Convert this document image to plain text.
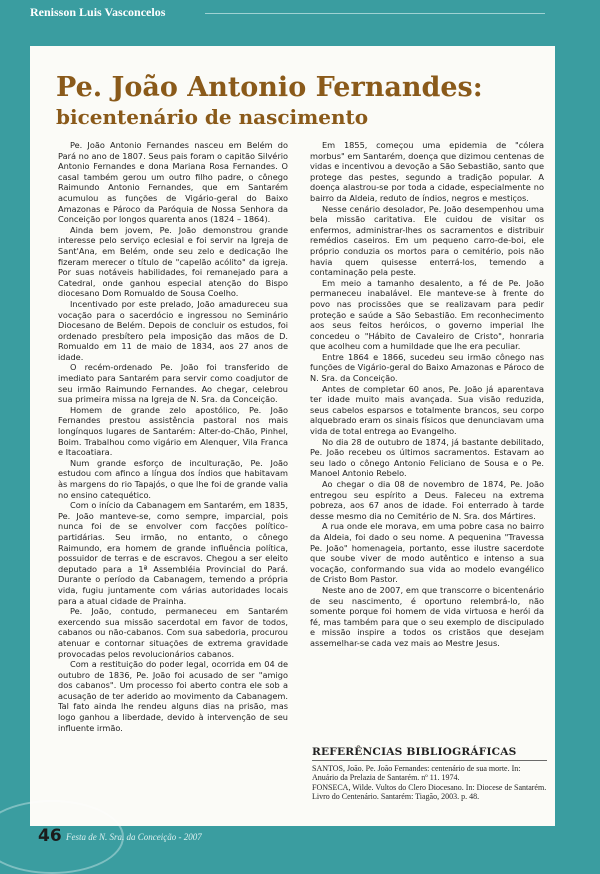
Renisson Luis Vasconcelos
Pe. João Antonio Fernandes:
bicentenário de nascimento

Pe. João Antonio Fernandes nasceu em Belém do Pará no ano de 1807. Seus pais foram o capitão Silvério Antonio Fernandes e dona Mariana Rosa Fernandes. O casal também gerou um outro filho padre, o cônego Raimundo Antonio Fernandes, que em Santarém acumulou as funções de Vigário-geral do Baixo Amazonas e Pároco da Paróquia de Nossa Senhora da Conceição por longos quarenta anos (1824 – 1864).

Ainda bem jovem, Pe. João demonstrou grande interesse pelo serviço eclesial e foi servir na Igreja de Sant'Ana, em Belém, onde seu zelo e dedicação lhe fizeram merecer o título de "capelão acólito" da igreja. Por suas notáveis habilidades, foi remanejado para a Catedral, onde ganhou especial atenção do Bispo diocesano Dom Romualdo de Sousa Coelho.

Incentivado por este prelado, João amadureceu sua vocação para o sacerdócio e ingressou no Seminário Diocesano de Belém. Depois de concluir os estudos, foi ordenado presbítero pela imposição das mãos de D. Romualdo em 11 de maio de 1834, aos 27 anos de idade.

O recém-ordenado Pe. João foi transferido de imediato para Santarém para servir como coadjutor de seu irmão Raimundo Fernandes. Ao chegar, celebrou sua primeira missa na Igreja de N. Sra. da Conceição.

Homem de grande zelo apostólico, Pe. João Fernandes prestou assistência pastoral nos mais longínquos lugares de Santarém: Alter-do-Chão, Pinhel, Boim. Trabalhou como vigário em Alenquer, Vila Franca e Itacoatiara.

Num grande esforço de inculturação, Pe. João estudou com afinco a língua dos índios que habitavam às margens do rio Tapajós, o que lhe foi de grande valia no ensino catequético.

Com o início da Cabanagem em Santarém, em 1835, Pe. João manteve-se, como sempre, imparcial, pois nunca foi de se envolver com facções político-partidárias. Seu irmão, no entanto, o cônego Raimundo, era homem de grande influência política, possuidor de terras e de escravos. Chegou a ser eleito deputado para a 1ª Assembléia Provincial do Pará. Durante o período da Cabanagem, temendo a própria vida, fugiu juntamente com várias autoridades locais para a atual cidade de Prainha.

Pe. João, contudo, permaneceu em Santarém exercendo sua missão sacerdotal em favor de todos, cabanos ou não-cabanos. Com sua sabedoria, procurou atenuar e contornar situações de extrema gravidade provocadas pelos revolucionários cabanos.

Com a restituição do poder legal, ocorrida em 04 de outubro de 1836, Pe. João foi acusado de ser "amigo dos cabanos". Um processo foi aberto contra ele sob a acusação de ter aderido ao movimento da Cabanagem. Tal fato ainda lhe rendeu alguns dias na prisão, mas logo ganhou a liberdade, devido à intervenção de seu influente irmão.

Em 1855, começou uma epidemia de "cólera morbus" em Santarém, doença que dizimou centenas de vidas e incentivou a devoção a São Sebastião, santo que protege das pestes, segundo a tradição popular. A doença alastrou-se por toda a cidade, especialmente no bairro da Aldeia, reduto de índios, negros e mestiços.

Nesse cenário desolador, Pe. João desempenhou uma bela missão caritativa. Ele cuidou de visitar os enfermos, administrar-lhes os sacramentos e distribuir remédios caseiros. Em um pequeno carro-de-boi, ele próprio conduzia os mortos para o cemitério, pois não havia quem quisesse enterrá-los, temendo a contaminação pela peste.

Em meio a tamanho desalento, a fé de Pe. João permaneceu inabalável. Ele manteve-se à frente do povo nas procissões que se realizavam para pedir proteção e saúde a São Sebastião. Em reconhecimento aos seus feitos heróicos, o governo imperial lhe concedeu o "Hábito de Cavaleiro de Cristo", honraria que acolheu com a humildade que lhe era peculiar.

Entre 1864 e 1866, sucedeu seu irmão cônego nas funções de Vigário-geral do Baixo Amazonas e Pároco de N. Sra. da Conceição.

Antes de completar 60 anos, Pe. João já aparentava ter idade muito mais avançada. Sua visão reduzida, seus cabelos esparsos e totalmente brancos, seu corpo alquebrado eram os sinais físicos que denunciavam uma vida de total entrega ao Evangelho.

No dia 28 de outubro de 1874, já bastante debilitado, Pe. João recebeu os últimos sacramentos. Estavam ao seu lado o cônego Antonio Feliciano de Sousa e o Pe. Manoel Antonio Rebelo.

Ao chegar o dia 08 de novembro de 1874, Pe. João entregou seu espírito a Deus. Faleceu na extrema pobreza, aos 67 anos de idade. Foi enterrado à tarde desse mesmo dia no Cemitério de N. Sra. dos Mártires.

A rua onde ele morava, em uma pobre casa no bairro da Aldeia, foi dado o seu nome. A pequenina "Travessa Pe. João" homenageia, portanto, esse ilustre sacerdote que soube viver de modo autêntico e intenso a sua vocação, conformando sua vida ao modelo evangélico de Cristo Bom Pastor.

Neste ano de 2007, em que transcorre o bicentenário de seu nascimento, é oportuno relembrá-lo, não somente porque foi homem de vida virtuosa e herói da fé, mas também para que o seu exemplo de discipulado e missão inspire a todos os cristãos que desejam assemelhar-se cada vez mais ao Mestre Jesus.

REFERÊNCIAS BIBLIOGRÁFICAS

SANTOS, João. Pe. João Fernandes: centenário de sua morte. In: Anuário da Prelazia de Santarém. nº 11. 1974.

FONSECA, Wilde. Vultos do Clero Diocesano. In: Diocese de Santarém. Livro do Centenário. Santarém: Tiagão, 2003. p. 48.

46 Festa de N. Sra. da Conceição - 2007
